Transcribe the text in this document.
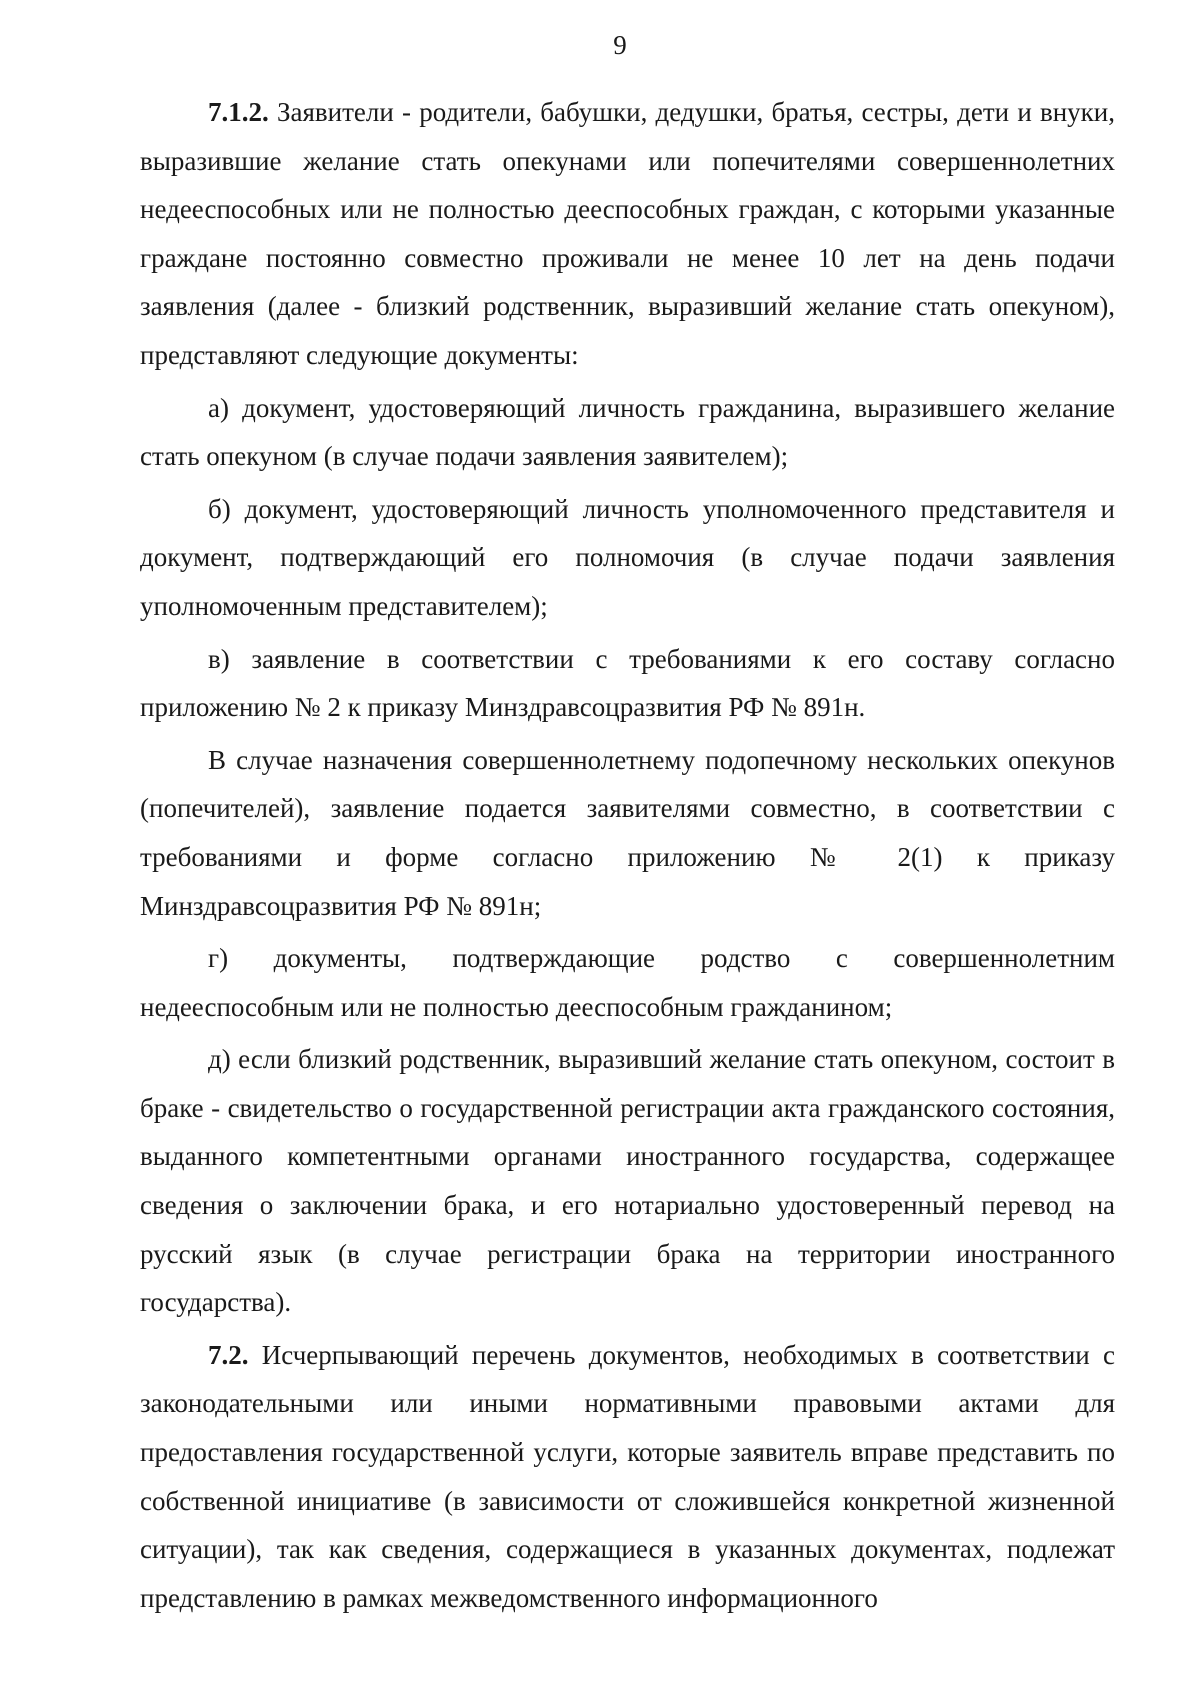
9

7.1.2. Заявители - родители, бабушки, дедушки, братья, сестры, дети и внуки, выразившие желание стать опекунами или попечителями совершеннолетних недееспособных или не полностью дееспособных граждан, с которыми указанные граждане постоянно совместно проживали не менее 10 лет на день подачи заявления (далее - близкий родственник, выразивший желание стать опекуном), представляют следующие документы:

а) документ, удостоверяющий личность гражданина, выразившего желание стать опекуном (в случае подачи заявления заявителем);

б) документ, удостоверяющий личность уполномоченного представителя и документ, подтверждающий его полномочия (в случае подачи заявления уполномоченным представителем);

в) заявление в соответствии с требованиями к его составу согласно приложению № 2 к приказу Минздравсоцразвития РФ № 891н.

В случае назначения совершеннолетнему подопечному нескольких опекунов (попечителей), заявление подается заявителями совместно, в соответствии с требованиями и форме согласно приложению № 2(1) к приказу Минздравсоцразвития РФ № 891н;

г) документы, подтверждающие родство с совершеннолетним недееспособным или не полностью дееспособным гражданином;

д) если близкий родственник, выразивший желание стать опекуном, состоит в браке - свидетельство о государственной регистрации акта гражданского состояния, выданного компетентными органами иностранного государства, содержащее сведения о заключении брака, и его нотариально удостоверенный перевод на русский язык (в случае регистрации брака на территории иностранного государства).

7.2. Исчерпывающий перечень документов, необходимых в соответствии с законодательными или иными нормативными правовыми актами для предоставления государственной услуги, которые заявитель вправе представить по собственной инициативе (в зависимости от сложившейся конкретной жизненной ситуации), так как сведения, содержащиеся в указанных документах, подлежат представлению в рамках межведомственного информационного
